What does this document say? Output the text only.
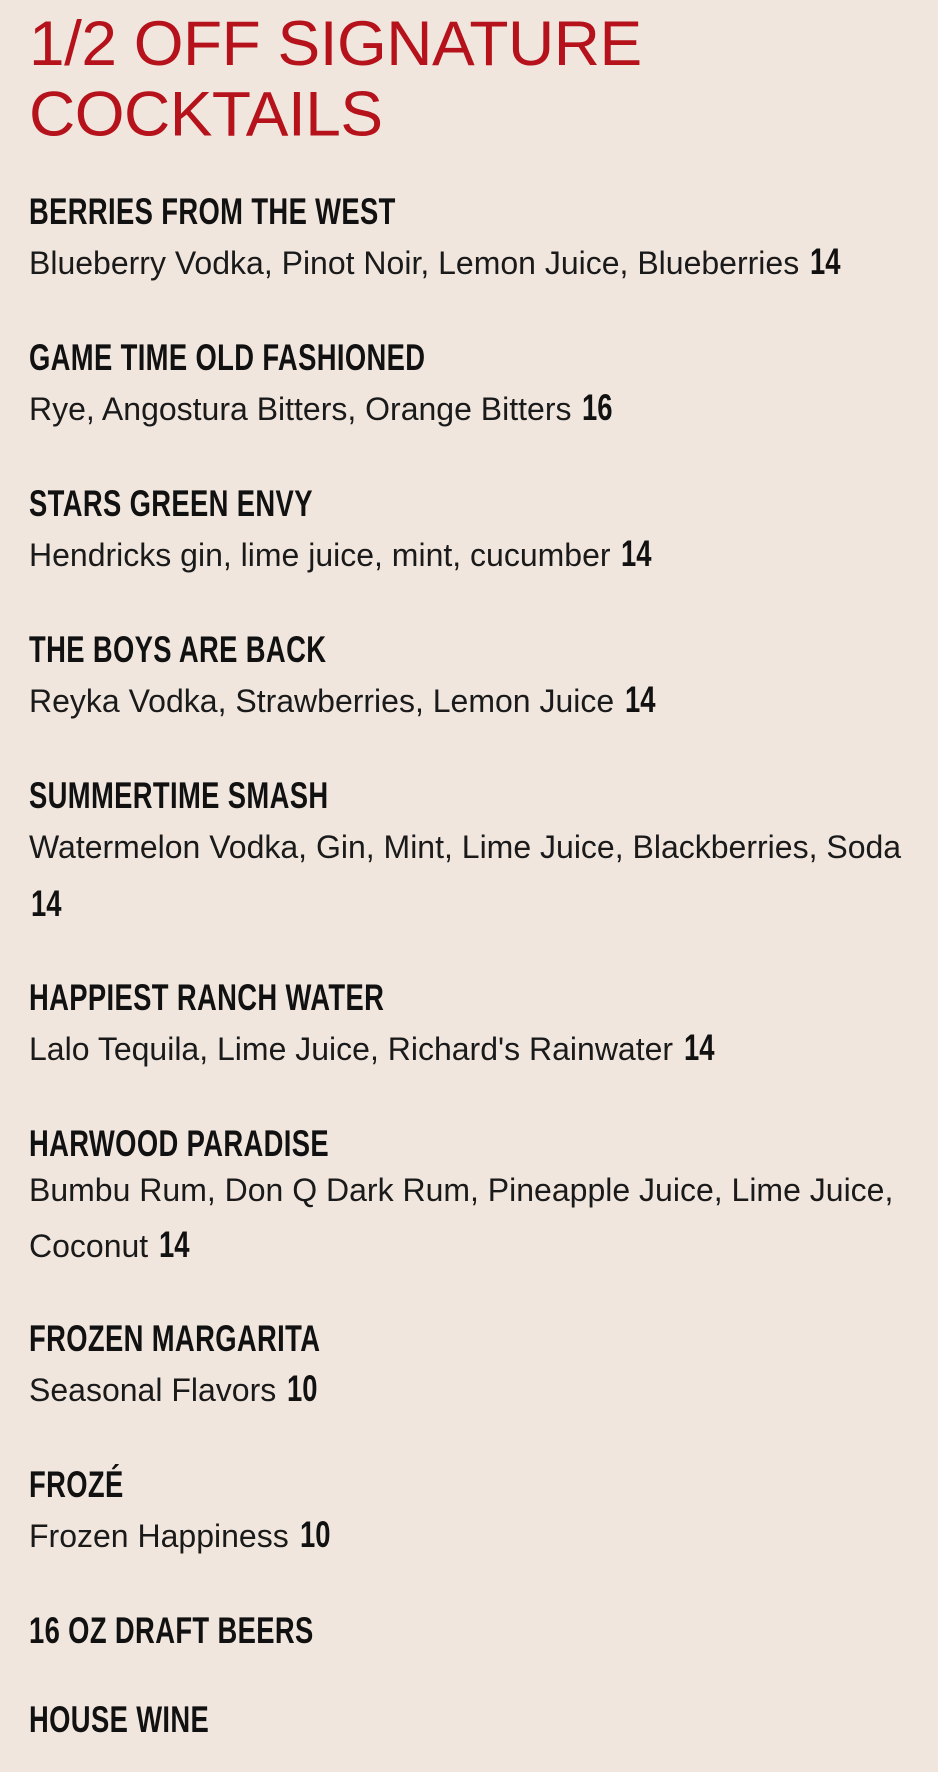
1/2 OFF SIGNATURE COCKTAILS
BERRIES FROM THE WEST

Blueberry Vodka, Pinot Noir, Lemon Juice, Blueberries 14

GAME TIME OLD FASHIONED

Rye, Angostura Bitters, Orange Bitters 16

STARS GREEN ENVY

Hendricks gin, lime juice, mint, cucumber 14

THE BOYS ARE BACK

Reyka Vodka, Strawberries, Lemon Juice 14

SUMMERTIME SMASH

Watermelon Vodka, Gin, Mint, Lime Juice, Blackberries, Soda 14

HAPPIEST RANCH WATER

Lalo Tequila, Lime Juice, Richard's Rainwater 14

HARWOOD PARADISE

Bumbu Rum, Don Q Dark Rum, Pineapple Juice, Lime Juice, Coconut 14

FROZEN MARGARITA

Seasonal Flavors 10

FROZÉ

Frozen Happiness 10

16 OZ DRAFT BEERS
HOUSE WINE
